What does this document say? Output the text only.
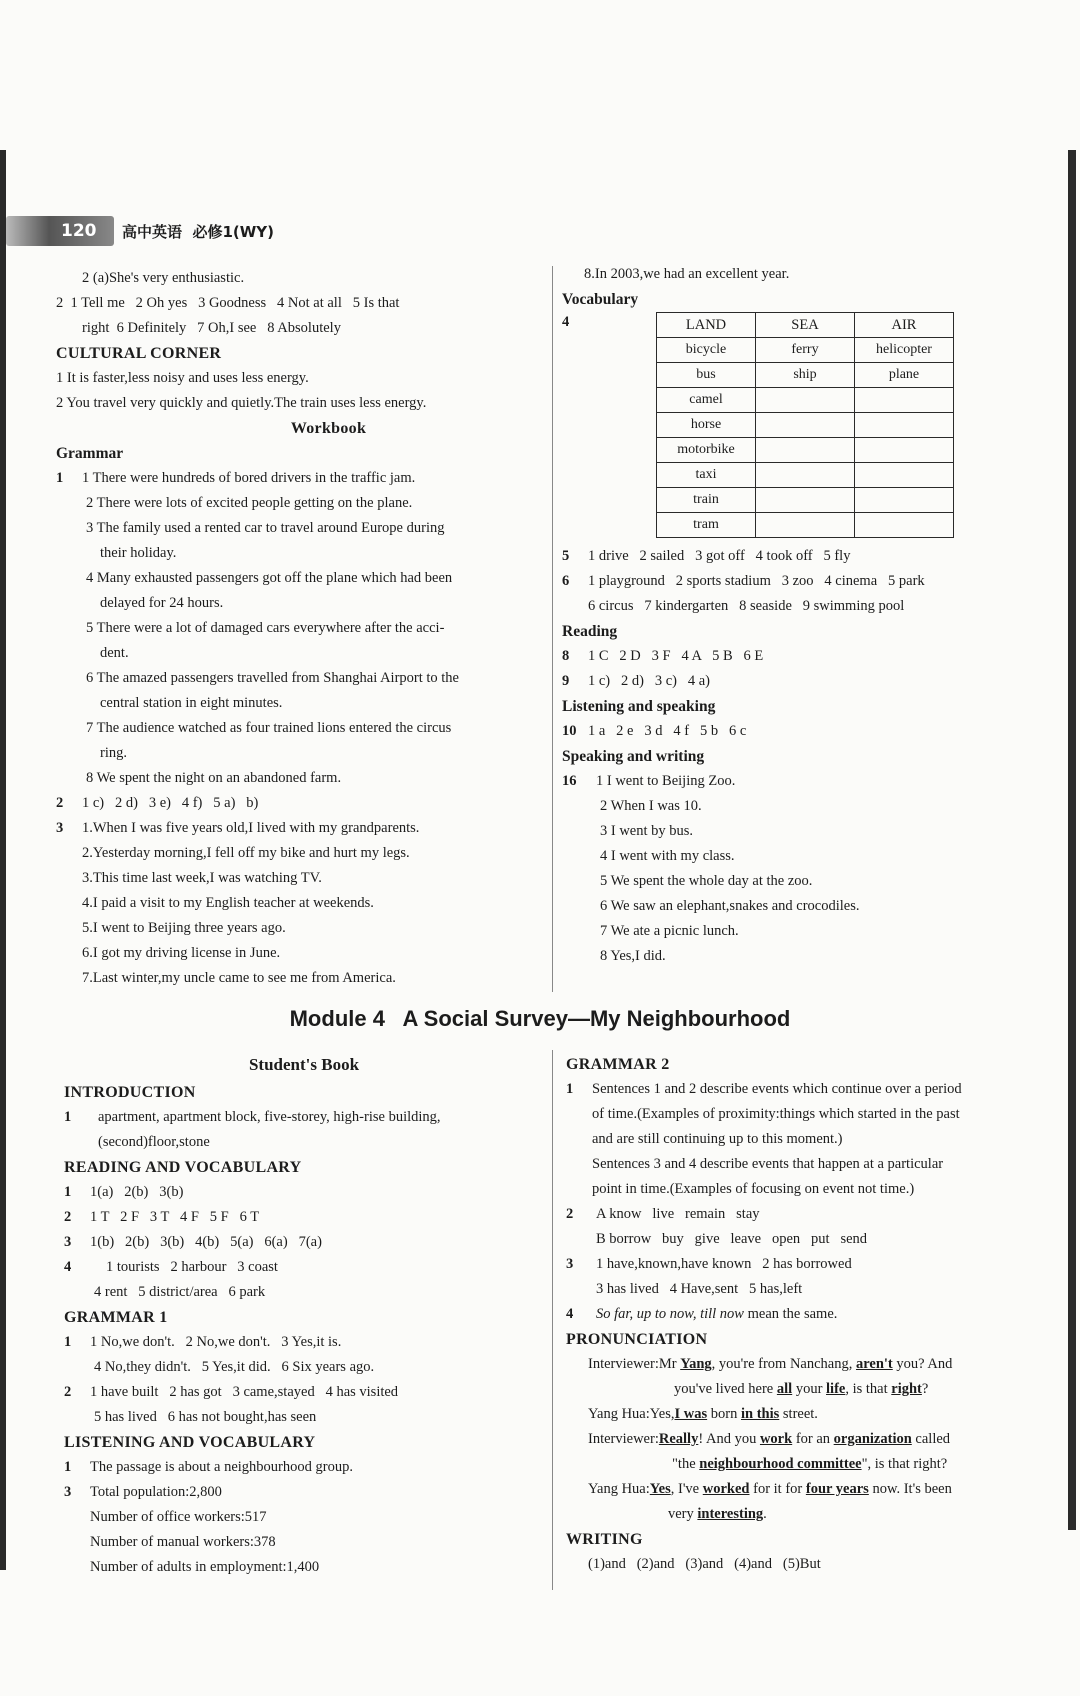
120 高中英语  必修1(WY)
2 (a)She's very enthusiastic.
2  1 Tell me   2 Oh yes   3 Goodness   4 Not at all   5 Is that
right  6 Definitely   7 Oh,I see   8 Absolutely
CULTURAL CORNER
1 It is faster,less noisy and uses less energy.
2 You travel very quickly and quietly.The train uses less energy.
Workbook
Grammar
1 1 There were hundreds of bored drivers in the traffic jam.
2 There were lots of excited people getting on the plane.
3 The family used a rented car to travel around Europe during
their holiday.
4 Many exhausted passengers got off the plane which had been
delayed for 24 hours.
5 There were a lot of damaged cars everywhere after the acci-
dent.
6 The amazed passengers travelled from Shanghai Airport to the
central station in eight minutes.
7 The audience watched as four trained lions entered the circus
ring.
8 We spent the night on an abandoned farm.
2 1 c)   2 d)   3 e)   4 f)   5 a)   b)
3 1.When I was five years old,I lived with my grandparents.
2.Yesterday morning,I fell off my bike and hurt my legs.
3.This time last week,I was watching TV.
4.I paid a visit to my English teacher at weekends.
5.I went to Beijing three years ago.
6.I got my driving license in June.
7.Last winter,my uncle came to see me from America.
8.In 2003,we had an excellent year.
Vocabulary
4	LAND	SEA	AIR
bicycle	ferry	helicopter
bus	ship	plane
camel		
horse		
motorbike		
taxi		
train		
tram		
5 1 drive   2 sailed   3 got off   4 took off   5 fly
6 1 playground   2 sports stadium   3 zoo   4 cinema   5 park
6 circus   7 kindergarten   8 seaside   9 swimming pool
Reading
8 1 C   2 D   3 F   4 A   5 B   6 E
9 1 c)   2 d)   3 c)   4 a)
Listening and speaking
10 1 a   2 e   3 d   4 f   5 b   6 c
Speaking and writing
16 1 I went to Beijing Zoo.
2 When I was 10.
3 I went by bus.
4 I went with my class.
5 We spent the whole day at the zoo.
6 We saw an elephant,snakes and crocodiles.
7 We ate a picnic lunch.
8 Yes,I did.
Module 4   A Social Survey—My Neighbourhood
Student's Book
INTRODUCTION
1 apartment, apartment block, five-storey, high-rise building,
(second)floor,stone
READING AND VOCABULARY
1 1(a)   2(b)   3(b)
2 1 T   2 F   3 T   4 F   5 F   6 T
3 1(b)   2(b)   3(b)   4(b)   5(a)   6(a)   7(a)
4 1 tourists   2 harbour   3 coast
4 rent   5 district/area   6 park
GRAMMAR 1
1 1 No,we don't.   2 No,we don't.   3 Yes,it is.
4 No,they didn't.   5 Yes,it did.   6 Six years ago.
2 1 have built   2 has got   3 came,stayed   4 has visited
5 has lived   6 has not bought,has seen
LISTENING AND VOCABULARY
1 The passage is about a neighbourhood group.
3 Total population:2,800
Number of office workers:517
Number of manual workers:378
Number of adults in employment:1,400
GRAMMAR 2
1 Sentences 1 and 2 describe events which continue over a period
of time.(Examples of proximity:things which started in the past
and are still continuing up to this moment.)
Sentences 3 and 4 describe events that happen at a particular
point in time.(Examples of focusing on event not time.)
2 A know   live   remain   stay
B borrow   buy   give   leave   open   put   send
3 1 have,known,have known   2 has borrowed
3 has lived   4 Have,sent   5 has,left
4 So far, up to now, till now mean the same.
PRONUNCIATION
Interviewer:Mr Yang, you're from Nanchang, aren't you? And
you've lived here all your life, is that right?
Yang Hua:Yes,I was born in this street.
Interviewer:Really! And you work for an organization called
"the neighbourhood committee", is that right?
Yang Hua:Yes, I've worked for it for four years now. It's been
very interesting.
WRITING
(1)and   (2)and   (3)and   (4)and   (5)But
